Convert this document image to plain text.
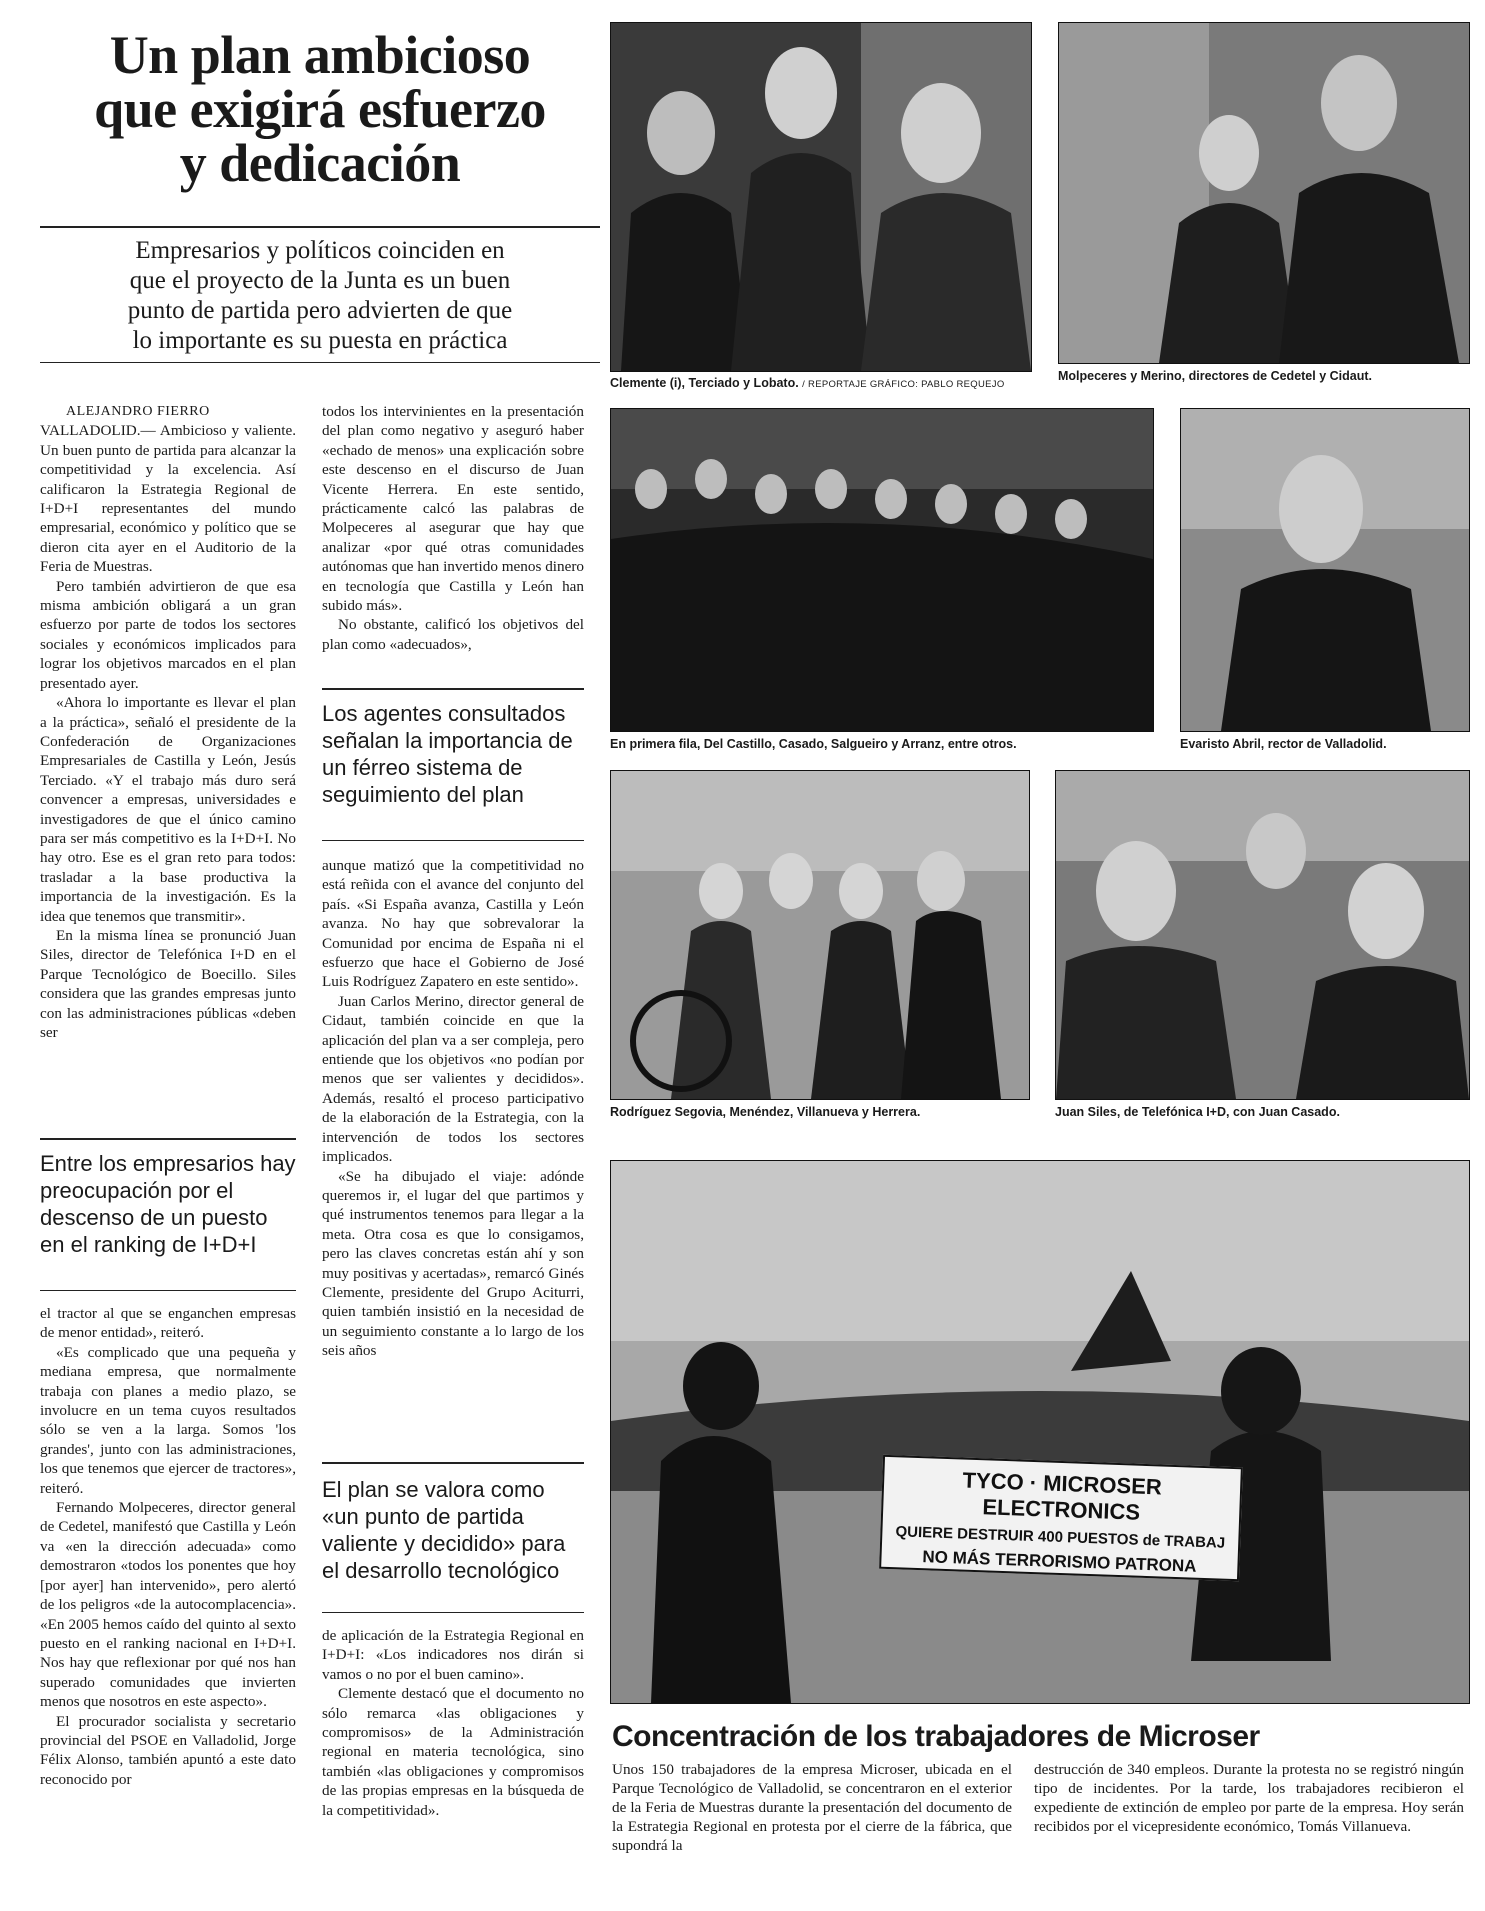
Un plan ambicioso
que exigirá esfuerzo
y dedicación
Empresarios y políticos coinciden en
que el proyecto de la Junta es un buen
punto de partida pero advierten de que
lo importante es su puesta en práctica
ALEJANDRO FIERRO

VALLADOLID.— Ambicioso y valiente. Un buen punto de partida para alcanzar la competitividad y la excelencia. Así calificaron la Estrategia Regional de I+D+I representantes del mundo empresarial, económico y político que se dieron cita ayer en el Auditorio de la Feria de Muestras.

Pero también advirtieron de que esa misma ambición obligará a un gran esfuerzo por parte de todos los sectores sociales y económicos implicados para lograr los objetivos marcados en el plan presentado ayer.

«Ahora lo importante es llevar el plan a la práctica», señaló el presidente de la Confederación de Organizaciones Empresariales de Castilla y León, Jesús Terciado. «Y el trabajo más duro será convencer a empresas, universidades e investigadores de que el único camino para ser más competitivo es la I+D+I. No hay otro. Ese es el gran reto para todos: trasladar a la base productiva la importancia de la investigación. Es la idea que tenemos que transmitir».

En la misma línea se pronunció Juan Siles, director de Telefónica I+D en el Parque Tecnológico de Boecillo. Siles considera que las grandes empresas junto con las administraciones públicas «deben ser

Entre los empresarios hay preocupación por el descenso de un puesto en el ranking de I+D+I

el tractor al que se enganchen empresas de menor entidad», reiteró.

«Es complicado que una pequeña y mediana empresa, que normalmente trabaja con planes a medio plazo, se involucre en un tema cuyos resultados sólo se ven a la larga. Somos 'los grandes', junto con las administraciones, los que tenemos que ejercer de tractores», reiteró.

Fernando Molpeceres, director general de Cedetel, manifestó que Castilla y León va «en la dirección adecuada» como demostraron «todos los ponentes que hoy [por ayer] han intervenido», pero alertó de los peligros «de la autocomplacencia». «En 2005 hemos caído del quinto al sexto puesto en el ranking nacional en I+D+I. Nos hay que reflexionar por qué nos han superado comunidades que invierten menos que nosotros en este aspecto».

El procurador socialista y secretario provincial del PSOE en Valladolid, Jorge Félix Alonso, también apuntó a este dato reconocido por

todos los intervinientes en la presentación del plan como negativo y aseguró haber «echado de menos» una explicación sobre este descenso en el discurso de Juan Vicente Herrera. En este sentido, prácticamente calcó las palabras de Molpeceres al asegurar que hay que analizar «por qué otras comunidades autónomas que han invertido menos dinero en tecnología que Castilla y León han subido más».

No obstante, calificó los objetivos del plan como «adecuados»,

Los agentes consultados señalan la importancia de un férreo sistema de seguimiento del plan

aunque matizó que la competitividad no está reñida con el avance del conjunto del país. «Si España avanza, Castilla y León avanza. No hay que sobrevalorar la Comunidad por encima de España ni el esfuerzo que hace el Gobierno de José Luis Rodríguez Zapatero en este sentido».

Juan Carlos Merino, director general de Cidaut, también coincide en que la aplicación del plan va a ser compleja, pero entiende que los objetivos «no podían por menos que ser valientes y decididos». Además, resaltó el proceso participativo de la elaboración de la Estrategia, con la intervención de todos los sectores implicados.

«Se ha dibujado el viaje: adónde queremos ir, el lugar del que partimos y qué instrumentos tenemos para llegar a la meta. Otra cosa es que lo consigamos, pero las claves concretas están ahí y son muy positivas y acertadas», remarcó Ginés Clemente, presidente del Grupo Aciturri, quien también insistió en la necesidad de un seguimiento constante a lo largo de los seis años

El plan se valora como «un punto de partida valiente y decidido» para el desarrollo tecnológico

de aplicación de la Estrategia Regional en I+D+I: «Los indicadores nos dirán si vamos o no por el buen camino».

Clemente destacó que el documento no sólo remarca «las obligaciones y compromisos» de la Administración regional en materia tecnológica, sino también «las obligaciones y compromisos de las propias empresas en la búsqueda de la competitividad».

Clemente (i), Terciado y Lobato. / REPORTAJE GRÁFICO: PABLO REQUEJO
Molpeceres y Merino, directores de Cedetel y Cidaut.
En primera fila, Del Castillo, Casado, Salgueiro y Arranz, entre otros.	Evaristo Abril, rector de Valladolid.
Rodríguez Segovia, Menéndez, Villanueva y Herrera.	Juan Siles, de Telefónica I+D, con Juan Casado.
TYCO · MICROSER ELECTRONICS
QUIERE DESTRUIR 400 PUESTOS de TRABAJ
NO MÁS TERRORISMO PATRONA
Concentración de los trabajadores de Microser
Unos 150 trabajadores de la empresa Microser, ubicada en el Parque Tecnológico de Valladolid, se concentraron en el exterior de la Feria de Muestras durante la presentación del documento de la Estrategia Regional en protesta por el cierre de la fábrica, que supondrá la
destrucción de 340 empleos. Durante la protesta no se registró ningún tipo de incidentes. Por la tarde, los trabajadores recibieron el expediente de extinción de empleo por parte de la empresa. Hoy serán recibidos por el vicepresidente económico, Tomás Villanueva.
